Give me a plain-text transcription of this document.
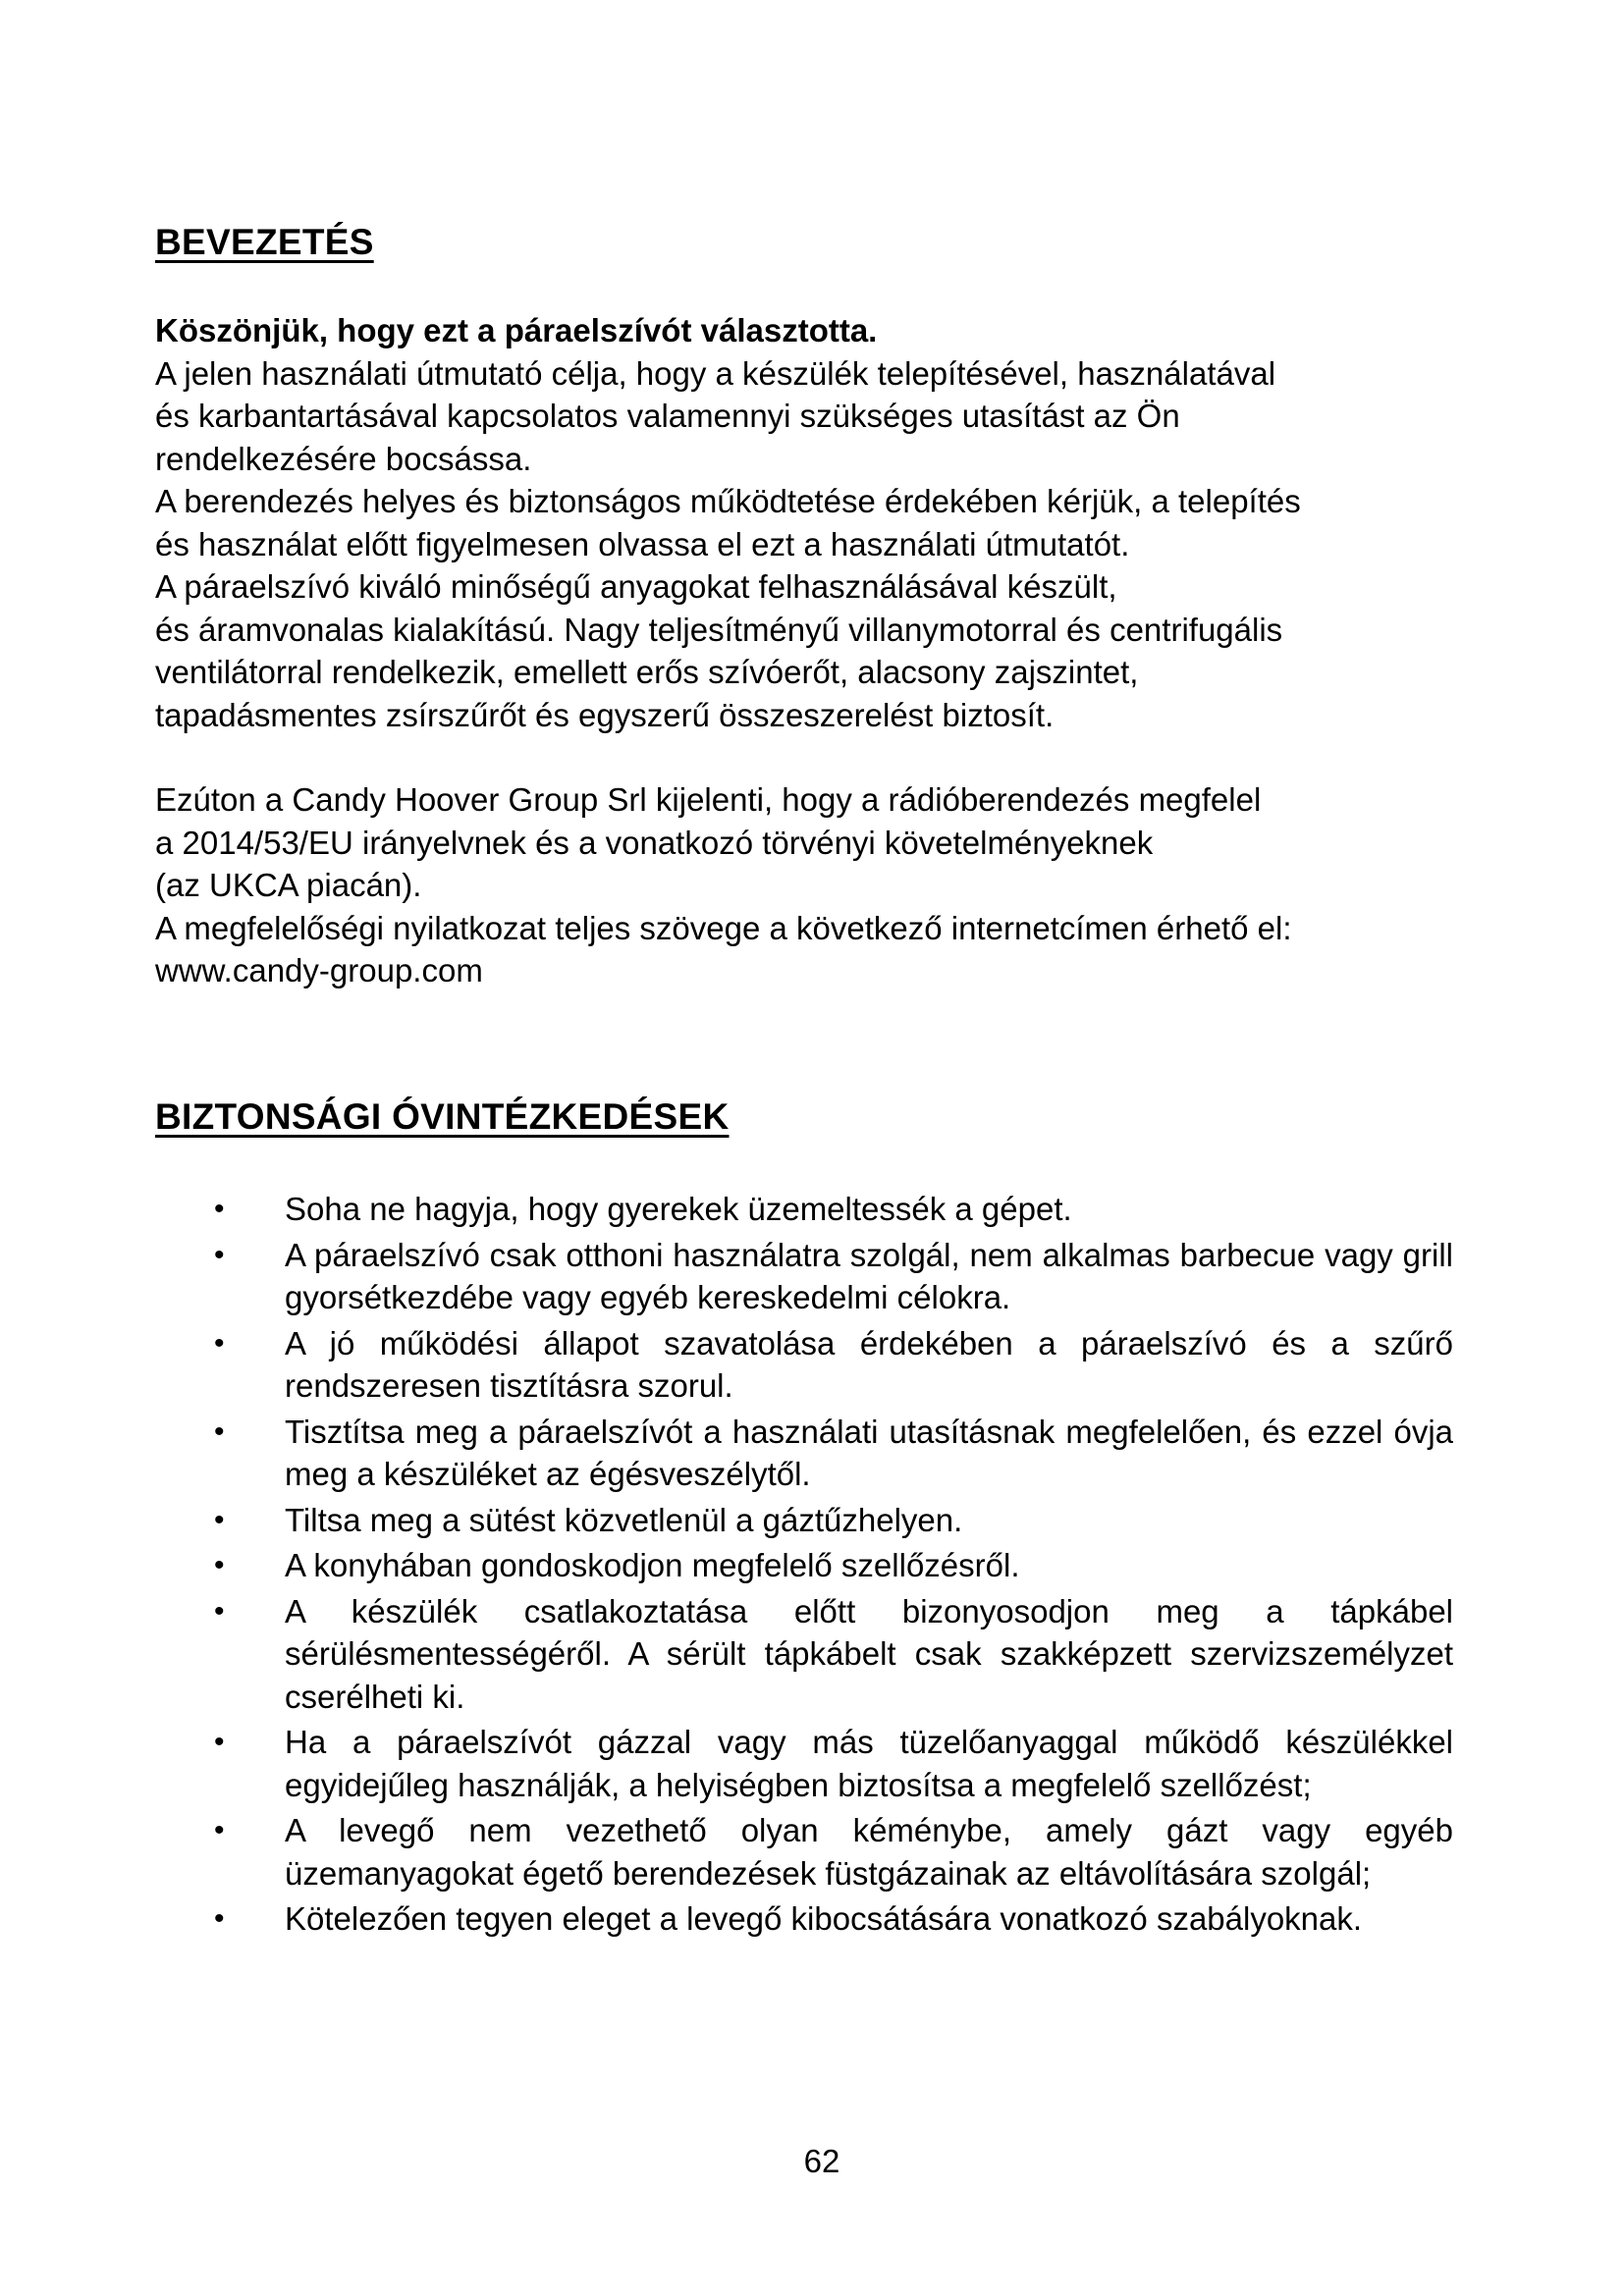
BEVEZETÉS

Köszönjük, hogy ezt a páraelszívót választotta.

A jelen használati útmutató célja, hogy a készülék telepítésével, használatával

és karbantartásával kapcsolatos valamennyi szükséges utasítást az Ön

rendelkezésére bocsássa.

A berendezés helyes és biztonságos működtetése érdekében kérjük, a telepítés

és használat előtt figyelmesen olvassa el ezt a használati útmutatót.

A páraelszívó kiváló minőségű anyagokat felhasználásával készült,

és áramvonalas kialakítású. Nagy teljesítményű villanymotorral és centrifugális

ventilátorral rendelkezik, emellett erős szívóerőt, alacsony zajszintet,

tapadásmentes zsírszűrőt és egyszerű összeszerelést biztosít.

Ezúton a Candy Hoover Group Srl kijelenti, hogy a rádióberendezés megfelel

a 2014/53/EU irányelvnek és a vonatkozó törvényi követelményeknek

(az UKCA piacán).

A megfelelőségi nyilatkozat teljes szövege a következő internetcímen érhető el:

www.candy-group.com

BIZTONSÁGI ÓVINTÉZKEDÉSEK
• Soha ne hagyja, hogy gyerekek üzemeltessék a gépet.
• A páraelszívó csak otthoni használatra szolgál, nem alkalmas barbecue vagy grill gyorsétkezdébe vagy egyéb kereskedelmi célokra.
• A jó működési állapot szavatolása érdekében a páraelszívó és a szűrő rendszeresen tisztításra szorul.
• Tisztítsa meg a páraelszívót a használati utasításnak megfelelően, és ezzel óvja meg a készüléket az égésveszélytől.
• Tiltsa meg a sütést közvetlenül a gáztűzhelyen.
• A konyhában gondoskodjon megfelelő szellőzésről.
• A készülék csatlakoztatása előtt bizonyosodjon meg a tápkábel sérülésmentességéről. A sérült tápkábelt csak szakképzett szervizszemélyzet cserélheti ki.
• Ha a páraelszívót gázzal vagy más tüzelőanyaggal működő készülékkel egyidejűleg használják, a helyiségben biztosítsa a megfelelő szellőzést;
• A levegő nem vezethető olyan kéménybe, amely gázt vagy egyéb üzemanyagokat égető berendezések füstgázainak az eltávolítására szolgál;
• Kötelezően tegyen eleget a levegő kibocsátására vonatkozó szabályoknak.
62
